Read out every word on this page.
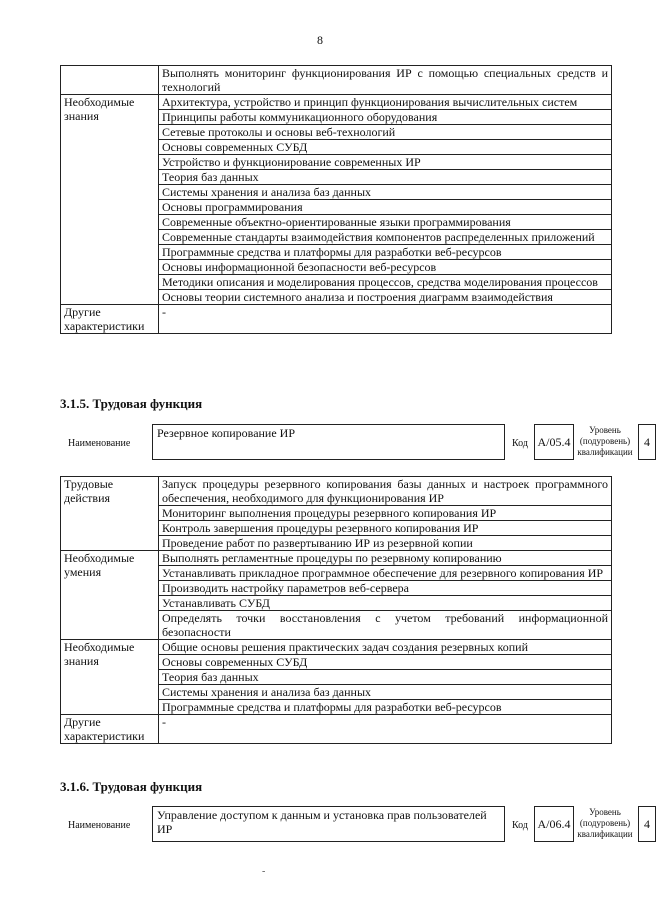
8
	Выполнять мониторинг функционирования ИР с помощью специальных средств и технологий
Необходимые знания	Архитектура, устройство и принцип функционирования вычислительных систем
	Принципы работы коммуникационного оборудования
	Сетевые протоколы и основы веб-технологий
	Основы современных СУБД
	Устройство и функционирование современных ИР
	Теория баз данных
	Системы хранения и анализа баз данных
	Основы программирования
	Современные объектно-ориентированные языки программирования
	Современные стандарты взаимодействия компонентов распределенных приложений
	Программные средства и платформы для разработки веб-ресурсов
	Основы информационной безопасности веб-ресурсов
	Методики описания и моделирования процессов, средства моделирования процессов
	Основы теории системного анализа и построения диаграмм взаимодействия
Другие характеристики	-
3.1.5. Трудовая функция
Наименование
Резервное копирование ИР
Код A/05.4
Уровень (подуровень) квалификации
4
Трудовые действия	Запуск процедуры резервного копирования базы данных и настроек программного обеспечения, необходимого для функционирования ИР
	Мониторинг выполнения процедуры резервного копирования ИР
	Контроль завершения процедуры резервного копирования ИР
	Проведение работ по развертыванию ИР из резервной копии
Необходимые умения	Выполнять регламентные процедуры по резервному копированию
	Устанавливать прикладное программное обеспечение для резервного копирования ИР
	Производить настройку параметров веб-сервера
	Устанавливать СУБД
	Определять точки восстановления с учетом требований информационной безопасности
Необходимые знания	Общие основы решения практических задач создания резервных копий
	Основы современных СУБД
	Теория баз данных
	Системы хранения и анализа баз данных
	Программные средства и платформы для разработки веб-ресурсов
Другие характеристики	-
3.1.6. Трудовая функция
Наименование
Управление доступом к данным и установка прав пользователей ИР	Код A/06.4
Уровень (подуровень) квалификации
4
-
